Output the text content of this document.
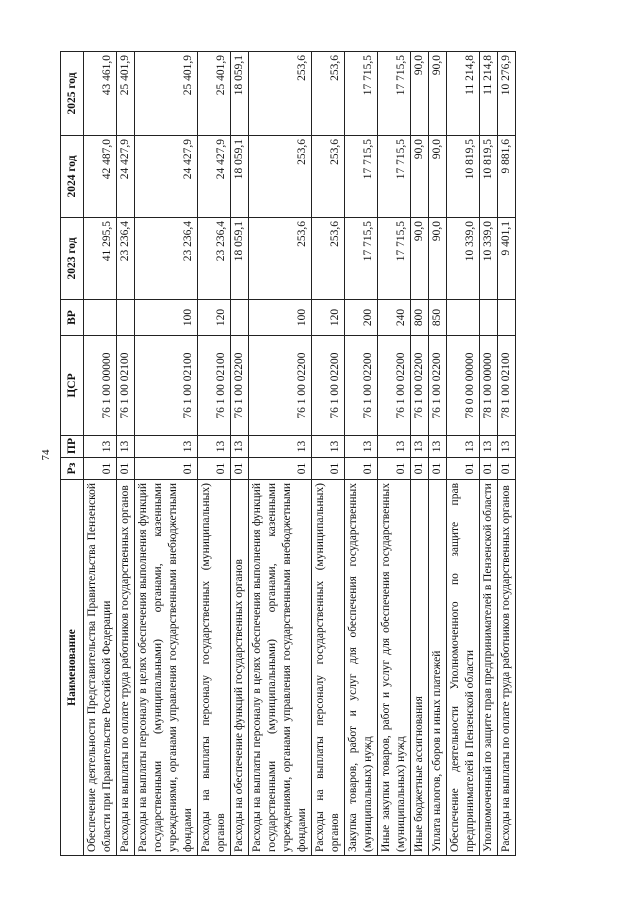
74
Наименование	Рз	ПР	ЦСР	ВР	2023 год	2024 год	2025 год
Обеспечение деятельности Представительства Правительства Пензенской области при Правительстве Российской Федерации	01	13	76 1 00 00000		41 295,5	42 487,0	43 461,0
Расходы на выплаты по оплате труда работников государственных органов	01	13	76 1 00 02100		23 236,4	24 427,9	25 401,9
Расходы на выплаты персоналу в целях обеспечения выполнения функций государственными (муниципальными) органами, казенными учреждениями, органами управления государственными внебюджетными фондами	01	13	76 1 00 02100	100	23 236,4	24 427,9	25 401,9
Расходы на выплаты персоналу государственных (муниципальных) органов	01	13	76 1 00 02100	120	23 236,4	24 427,9	25 401,9
Расходы на обеспечение функций государственных органов	01	13	76 1 00 02200		18 059,1	18 059,1	18 059,1
Расходы на выплаты персоналу в целях обеспечения выполнения функций государственными (муниципальными) органами, казенными учреждениями, органами управления государственными внебюджетными фондами	01	13	76 1 00 02200	100	253,6	253,6	253,6
Расходы на выплаты персоналу государственных (муниципальных) органов	01	13	76 1 00 02200	120	253,6	253,6	253,6
Закупка товаров, работ и услуг для обеспечения государственных (муниципальных) нужд	01	13	76 1 00 02200	200	17 715,5	17 715,5	17 715,5
Иные закупки товаров, работ и услуг для обеспечения государственных (муниципальных) нужд	01	13	76 1 00 02200	240	17 715,5	17 715,5	17 715,5
Иные бюджетные ассигнования	01	13	76 1 00 02200	800	90,0	90,0	90,0
Уплата налогов, сборов и иных платежей	01	13	76 1 00 02200	850	90,0	90,0	90,0
Обеспечение деятельности Уполномоченного по защите прав предпринимателей в Пензенской области	01	13	78 0 00 00000		10 339,0	10 819,5	11 214,8
Уполномоченный по защите прав предпринимателей в Пензенской области	01	13	78 1 00 00000		10 339,0	10 819,5	11 214,8
Расходы на выплаты по оплате труда работников государственных органов	01	13	78 1 00 02100		9 401,1	9 881,6	10 276,9
